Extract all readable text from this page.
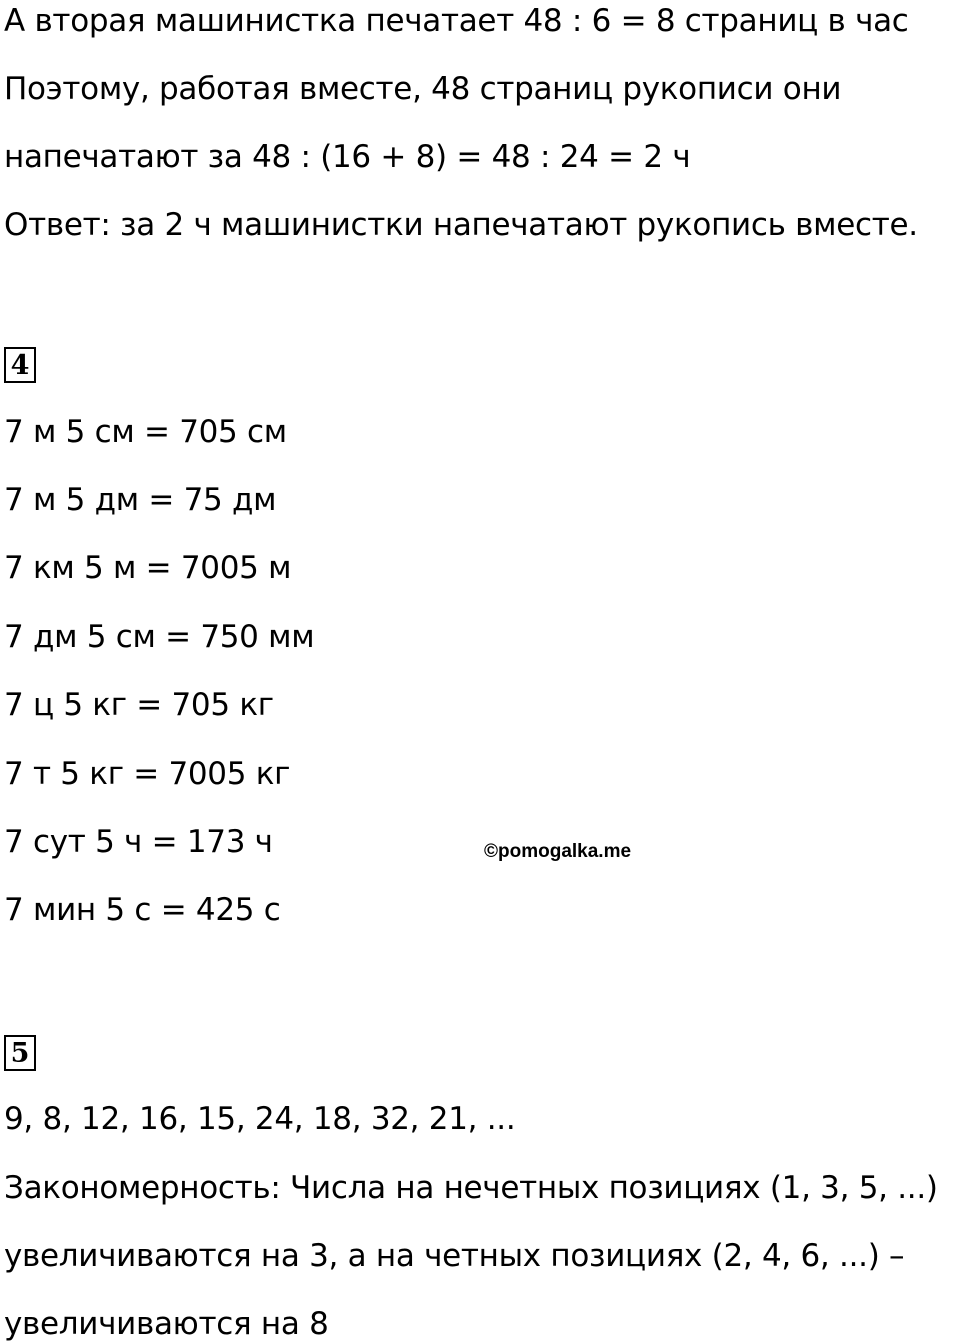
А вторая машинистка печатает 48 : 6 = 8 страниц в час
Поэтому, работая вместе, 48 страниц рукописи они
напечатают за 48 : (16 + 8) = 48 : 24 = 2 ч
Ответ: за 2 ч машинистки напечатают рукопись вместе.
4
7 м 5 см = 705 см
7 м 5 дм = 75 дм
7 км 5 м = 7005 м
7 дм 5 см = 750 мм
7 ц 5 кг = 705 кг
7 т 5 кг = 7005 кг
7 сут 5 ч = 173 ч
7 мин 5 с = 425 с
©pomogalka.me
5
9, 8, 12, 16, 15, 24, 18, 32, 21, ...
Закономерность: Числа на нечетных позициях (1, 3, 5, ...)
увеличиваются на 3, а на четных позициях (2, 4, 6, ...) –
увеличиваются на 8
